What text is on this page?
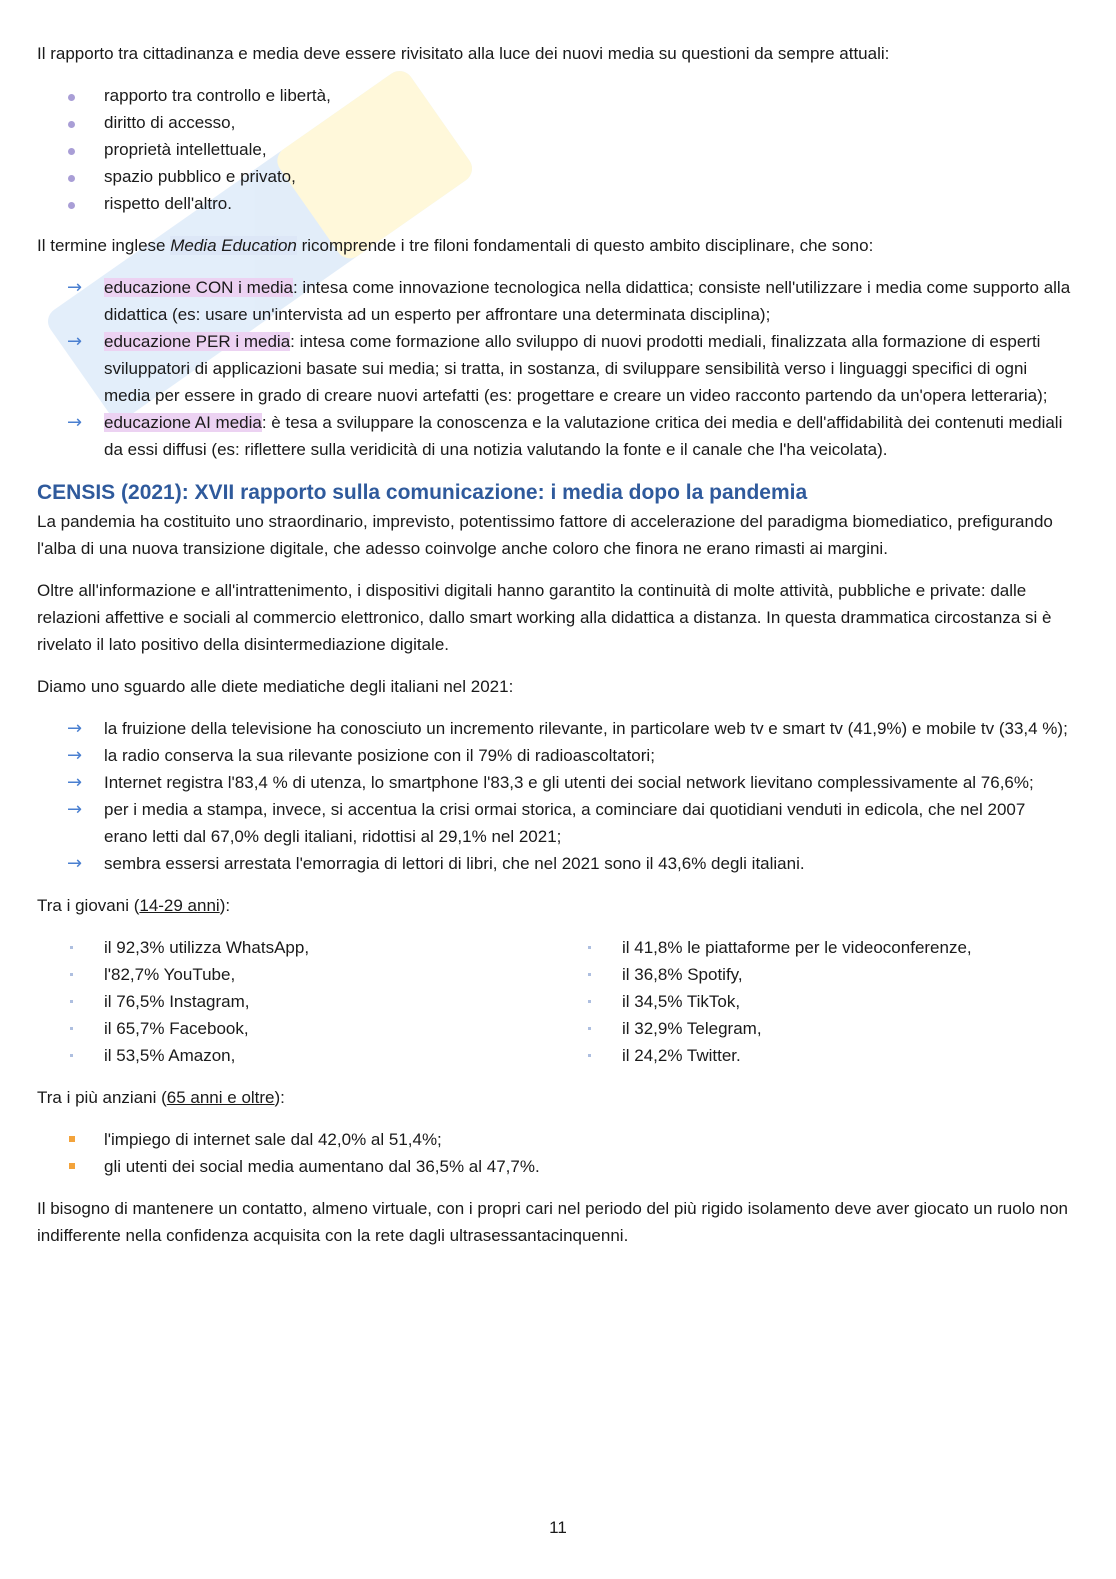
Il rapporto tra cittadinanza e media deve essere rivisitato alla luce dei nuovi media su questioni da sempre attuali:

rapporto tra controllo e libertà,
diritto di accesso,
proprietà intellettuale,
spazio pubblico e privato,
rispetto dell'altro.

Il termine inglese Media Education ricomprende i tre filoni fondamentali di questo ambito disciplinare, che sono:

→ educazione CON i media: intesa come innovazione tecnologica nella didattica; consiste nell'utilizzare i media come supporto alla didattica (es: usare un'intervista ad un esperto per affrontare una determinata disciplina);
→ educazione PER i media: intesa come formazione allo sviluppo di nuovi prodotti mediali, finalizzata alla formazione di esperti sviluppatori di applicazioni basate sui media; si tratta, in sostanza, di sviluppare sensibilità verso i linguaggi specifici di ogni media per essere in grado di creare nuovi artefatti (es: progettare e creare un video racconto partendo da un'opera letteraria);
→ educazione AI media: è tesa a sviluppare la conoscenza e la valutazione critica dei media e dell'affidabilità dei contenuti mediali da essi diffusi (es: riflettere sulla veridicità di una notizia valutando la fonte e il canale che l'ha veicolata).
CENSIS (2021): XVII rapporto sulla comunicazione: i media dopo la pandemia

La pandemia ha costituito uno straordinario, imprevisto, potentissimo fattore di accelerazione del paradigma biomediatico, prefigurando l'alba di una nuova transizione digitale, che adesso coinvolge anche coloro che finora ne erano rimasti ai margini.

Oltre all'informazione e all'intrattenimento, i dispositivi digitali hanno garantito la continuità di molte attività, pubbliche e private: dalle relazioni affettive e sociali al commercio elettronico, dallo smart working alla didattica a distanza. In questa drammatica circostanza si è rivelato il lato positivo della disintermediazione digitale.

Diamo uno sguardo alle diete mediatiche degli italiani nel 2021:

→ la fruizione della televisione ha conosciuto un incremento rilevante, in particolare web tv e smart tv (41,9%) e mobile tv (33,4 %);
→ la radio conserva la sua rilevante posizione con il 79% di radioascoltatori;
→ Internet registra l'83,4 % di utenza, lo smartphone l'83,3 e gli utenti dei social network lievitano complessivamente al 76,6%;
→ per i media a stampa, invece, si accentua la crisi ormai storica, a cominciare dai quotidiani venduti in edicola, che nel 2007 erano letti dal 67,0% degli italiani, ridottisi al 29,1% nel 2021;
→ sembra essersi arrestata l'emorragia di lettori di libri, che nel 2021 sono il 43,6% degli italiani.

Tra i giovani (14-29 anni):

il 92,3% utilizza WhatsApp,
l'82,7% YouTube,
il 76,5% Instagram,
il 65,7% Facebook,
il 53,5% Amazon,
il 41,8% le piattaforme per le videoconferenze,
il 36,8% Spotify,
il 34,5% TikTok,
il 32,9% Telegram,
il 24,2% Twitter.

Tra i più anziani (65 anni e oltre):

l'impiego di internet sale dal 42,0% al 51,4%;
gli utenti dei social media aumentano dal 36,5% al 47,7%.

Il bisogno di mantenere un contatto, almeno virtuale, con i propri cari nel periodo del più rigido isolamento deve aver giocato un ruolo non indifferente nella confidenza acquisita con la rete dagli ultrasessantacinquenni.

11
